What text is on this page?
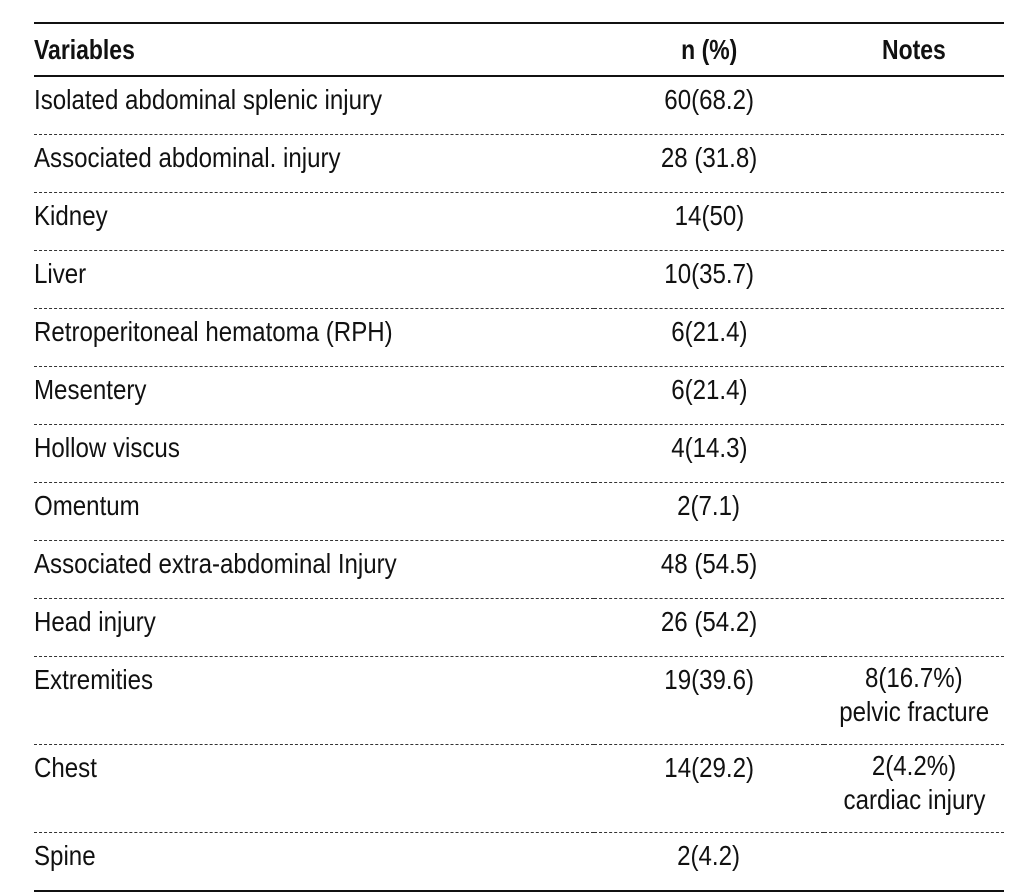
Variables	n (%)	Notes
Isolated abdominal splenic injury	60(68.2)	
Associated abdominal. injury	28 (31.8)	
Kidney	14(50)	
Liver	10(35.7)	
Retroperitoneal hematoma (RPH)	6(21.4)	
Mesentery	6(21.4)	
Hollow viscus	4(14.3)	
Omentum	2(7.1)	
Associated extra-abdominal Injury	48 (54.5)	
Head injury	26 (54.2)	
Extremities	19(39.6)	8(16.7%)
pelvic fracture

Chest	14(29.2)	2(4.2%)
cardiac injury

Spine	2(4.2)	
